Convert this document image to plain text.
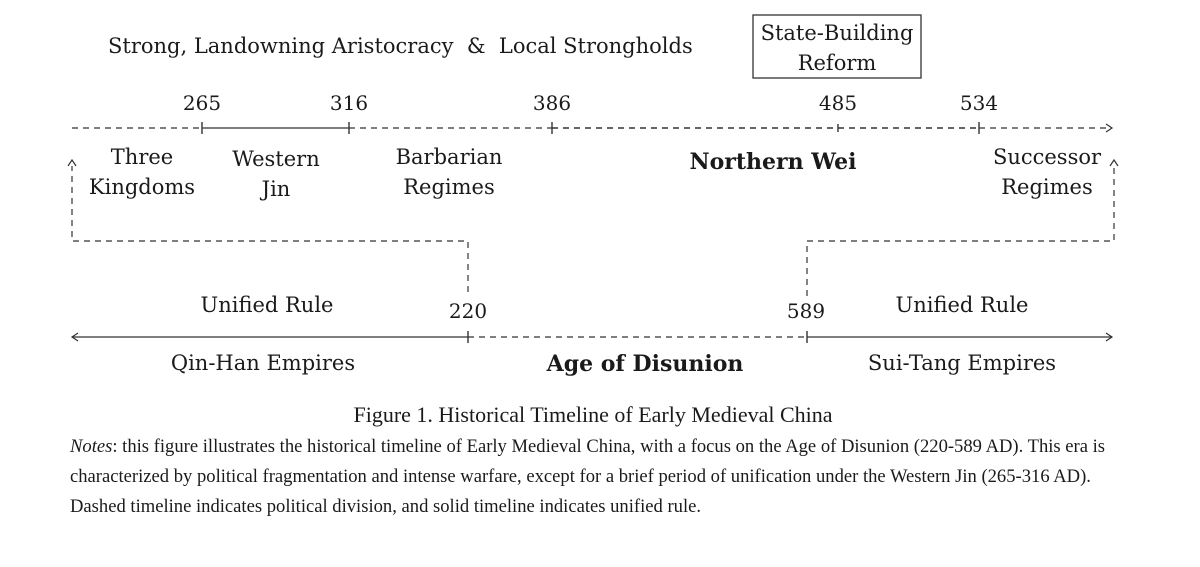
Strong, Landowning Aristocracy  &  Local Strongholds
State-Building
Reform
265	316	386	485	534
Three
Kingdoms
Western
Jin
Barbarian
Regimes
Northern Wei	Successor
Regimes
Unified Rule	220	589	Unified Rule
Qin-Han Empires	Age of Disunion	Sui-Tang Empires
Figure 1. Historical Timeline of Early Medieval China
Notes: this figure illustrates the historical timeline of Early Medieval China, with a focus on the Age of Disunion (220-589 AD). This era is characterized by political fragmentation and intense warfare, except for a brief period of unification under the Western Jin (265-316 AD). Dashed timeline indicates political division, and solid timeline indicates unified rule.
